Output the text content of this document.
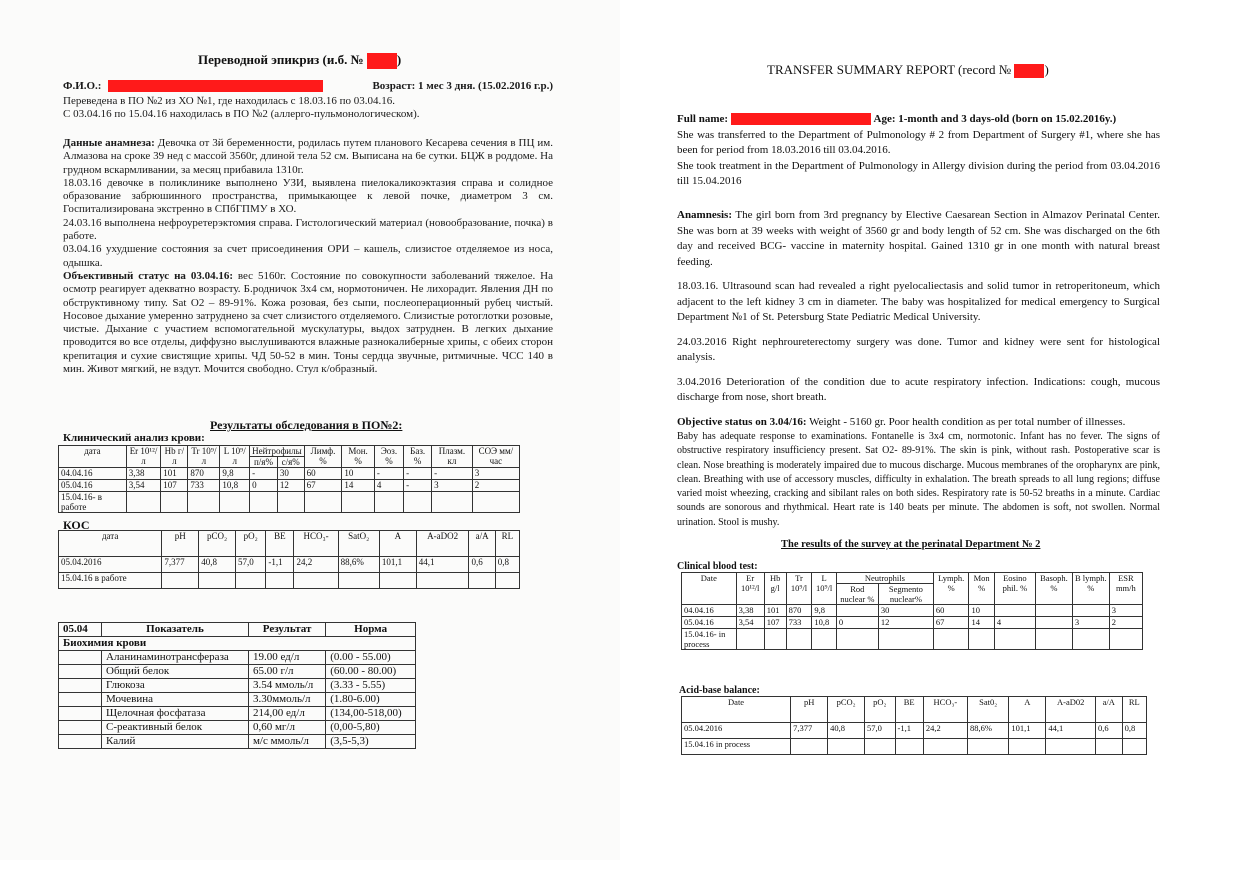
Переводной эпикриз (и.б. №	)
Ф.И.О.:	Возраст: 1 мес 3 дня. (15.02.2016 г.р.)

Переведена в ПО №2 из ХО №1, где находилась с 18.03.16 по 03.04.16.

С 03.04.16 по 15.04.16 находилась в ПО №2 (аллерго-пульмонологическом).

Данные анамнеза: Девочка от 3й беременности, родилась путем планового Кесарева сечения в ПЦ им. Алмазова на сроке 39 нед с массой 3560г, длиной тела 52 см. Выписана на 6е сутки. БЦЖ в роддоме. На грудном вскармливании, за месяц прибавила 1310г.

18.03.16 девочке в поликлинике выполнено УЗИ, выявлена пиелокаликоэктазия справа и солидное образование забрюшинного пространства, примыкающее к левой почке, диаметром 3 см. Госпитализирована экстренно в СПбГПМУ в ХО.

24.03.16 выполнена нефроуретерэктомия справа. Гистологический материал (новообразование, почка) в работе.

03.04.16 ухудшение состояния за счет присоединения ОРИ – кашель, слизистое отделяемое из носа, одышка.

Объективный статус на 03.04.16: вес 5160г. Состояние по совокупности заболеваний тяжелое. На осмотр реагирует адекватно возрасту. Б.родничок 3х4 см, нормотоничен. Не лихорадит. Явления ДН по обструктивному типу. Sat O2 – 89-91%. Кожа розовая, без сыпи, послеоперационный рубец чистый. Носовое дыхание умеренно затруднено за счет слизистого отделяемого. Слизистые ротоглотки розовые, чистые. Дыхание с участием вспомогательной мускулатуры, выдох затруднен. В легких дыхание проводится во все отделы, диффузно выслушиваются влажные разнокалиберные хрипы, с обеих сторон крепитация и сухие свистящие хрипы. ЧД 50-52 в мин. Тоны сердца звучные, ритмичные. ЧСС 140 в мин. Живот мягкий, не вздут. Мочится свободно. Стул к/образный.

Результаты обследования в ПО№2:
Клинический анализ крови:
дата	Er 10¹²/л	Hb г/л	Tr 10⁹/л	L 10⁹/л	Нейтрофилы		Лимф. %	Мон. %	Эоз. %	Баз. %	Плазм. кл	СОЭ мм/час
					п/я%	с/я%						
04.04.16	3,38	101	870	9,8	-	30	60	10	-	-	-	3
05.04.16	3,54	107	733	10,8	0	12	67	14	4	-	3	2
15.04.16- в работе												
КОС
дата	pH	pCO₂	pO₂	BE	HCO₃-	SatO₂	A	A-aDO2	a/A	RL
05.04.2016	7,377	40,8	57,0	-1,1	24,2	88,6%	101,1	44,1	0,6	0,8
15.04.16 в работе										
05.04	Показатель	Результат	Норма
Биохимия крови			
	Аланинаминотрансфераза	19.00 ед/л	(0.00 - 55.00)
	Общий белок	65.00 г/л	(60.00 - 80.00)
	Глюкоза	3.54 ммоль/л	(3.33 - 5.55)
	Мочевина	3.30ммоль/л	(1.80-6.00)
	Щелочная фосфатаза	214,00 ед/л	(134,00-518,00)
	С-реактивный белок	0,60 мг/л	(0,00-5,80)
	Калий	м/с ммоль/л	(3,5-5,3)
TRANSFER SUMMARY REPORT (record №	)

Full name:	Age: 1-month and 3 days-old (born on 15.02.2016y.)

She was transferred to the Department of Pulmonology # 2 from Department of Surgery #1, where she has been for period from 18.03.2016 till 03.04.2016.

She took treatment in the Department of Pulmonology in Allergy division during the period from 03.04.2016 till 15.04.2016

Anamnesis: The girl born from 3rd pregnancy by Elective Caesarean Section in Almazov Perinatal Center. She was born at 39 weeks with weight of 3560 gr and body length of 52 cm. She was discharged on the 6th day and received BCG- vaccine in maternity hospital. Gained 1310 gr in one month with natural breast feeding.

18.03.16. Ultrasound scan had revealed a right pyelocaliectasis and solid tumor in retroperitoneum, which adjacent to the left kidney 3 cm in diameter. The baby was hospitalized for medical emergency to Surgical Department №1 of St. Petersburg State Pediatric Medical University.

24.03.2016 Right nephroureterectomy surgery was done. Tumor and kidney were sent for histological analysis.

3.04.2016 Deterioration of the condition due to acute respiratory infection. Indications: cough, mucous discharge from nose, short breath.

Objective status on 3.04/16: Weight - 5160 gr. Poor health condition as per total number of illnesses.

Baby has adequate response to examinations. Fontanelle is 3x4 cm, normotonic. Infant has no fever. The signs of obstructive respiratory insufficiency present. Sat O2- 89-91%. The skin is pink, without rash. Postoperative scar is clean. Nose breathing is moderately impaired due to mucous discharge. Mucous membranes of the oropharynx are pink, clean. Breathing with use of accessory muscles, difficulty in exhalation. The breath spreads to all lung regions; diffuse varied moist wheezing, cracking and sibilant rales on both sides. Respiratory rate is 50-52 breaths in a minute. Cardiac sounds are sonorous and rhythmical. Heart rate is 140 beats per minute. The abdomen is soft, not swollen. Normal urination. Stool is mushy.

The results of the survey at the perinatal Department № 2
Clinical blood test:
Date	Er 10¹²/l	Hb g/l	Tr 10⁹/l	L 10⁹/l	Neutrophils		Lymph. %	Mon %	Eosino phil. %	Basoph. %	B lymph. %	ESR mm/h
					Rod nuclear %	Segmento nuclear%						
04.04.16	3,38	101	870	9,8		30	60	10				3
05.04.16	3,54	107	733	10,8	0	12	67	14	4		3	2
15.04.16- in process												
Acid-base balance:
Date	pH	pCO₂	pO₂	BE	HCO₃-	Sat0₂	A	A-aD02	a/A	RL
05.04.2016	7,377	40,8	57,0	-1,1	24,2	88,6%	101,1	44,1	0,6	0,8
15.04.16 in process										
